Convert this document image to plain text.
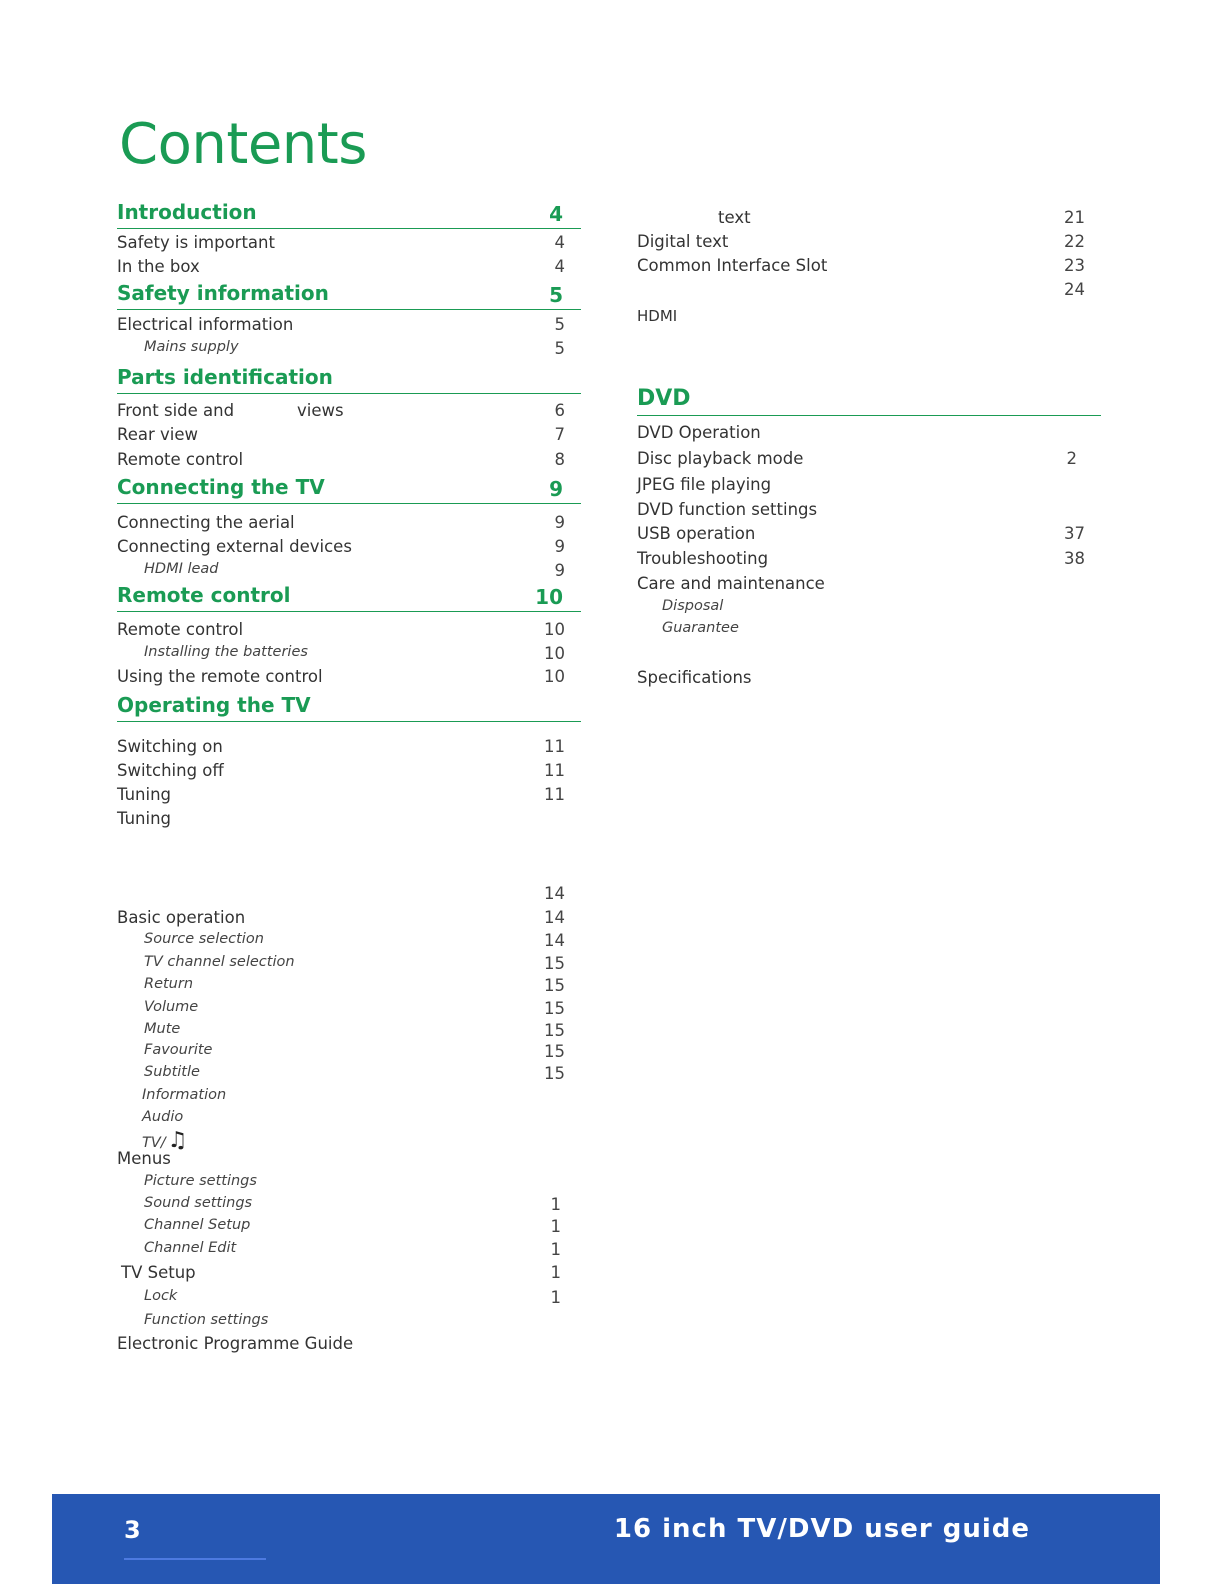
Contents
Introduction	4
Safety is important	4
In the box	4
Safety information	5
Electrical information	5
Mains supply	5
Parts identification
Front side and            views	6
Rear view	7
Remote control	8
Connecting the TV	9
Connecting the aerial	9
Connecting external devices	9
HDMI lead	9
Remote control	10
Remote control	10
Installing the batteries	10
Using the remote control	10
Operating the TV
Switching on	11
Switching off	11
Tuning	11
Tuning
14
Basic operation	14
Source selection	14
TV channel selection	15
Return	15
Volume	15
Mute	15
Favourite	15
Subtitle	15
Information
Audio
TV/♫
Menus
Picture settings
Sound settings	1
Channel Setup	1
Channel Edit	1
TV Setup	1
Lock	1
Function settings
Electronic Programme Guide
text	21
Digital text	22
Common Interface Slot	23
24
HDMI
DVD
DVD Operation
Disc playback mode	2
JPEG file playing
DVD function settings
USB operation	37
Troubleshooting	38
Care and maintenance
Disposal
Guarantee
Specifications
3	16 inch TV/DVD user guide
